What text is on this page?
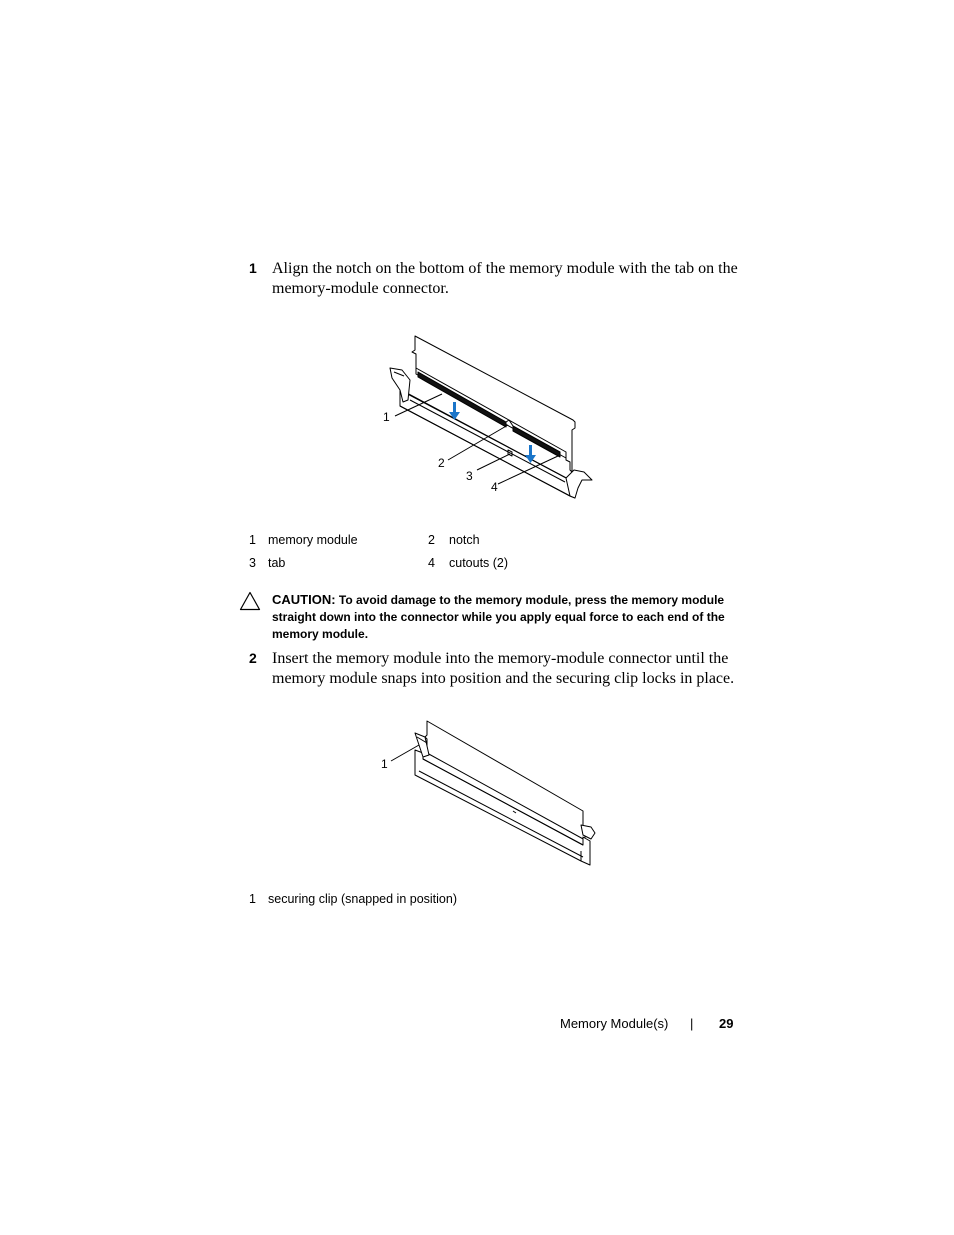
1 Align the notch on the bottom of the memory module with the tab on the
memory-module connector.
1
2
3
4
1 memory module	2 notch
3 tab	4 cutouts (2)
CAUTION: To avoid damage to the memory module, press the memory module
straight down into the connector while you apply equal force to each end of the
memory module.
2 Insert the memory module into the memory-module connector until the
memory module snaps into position and the securing clip locks in place.
1
1 securing clip (snapped in position)
Memory Module(s) | 29
